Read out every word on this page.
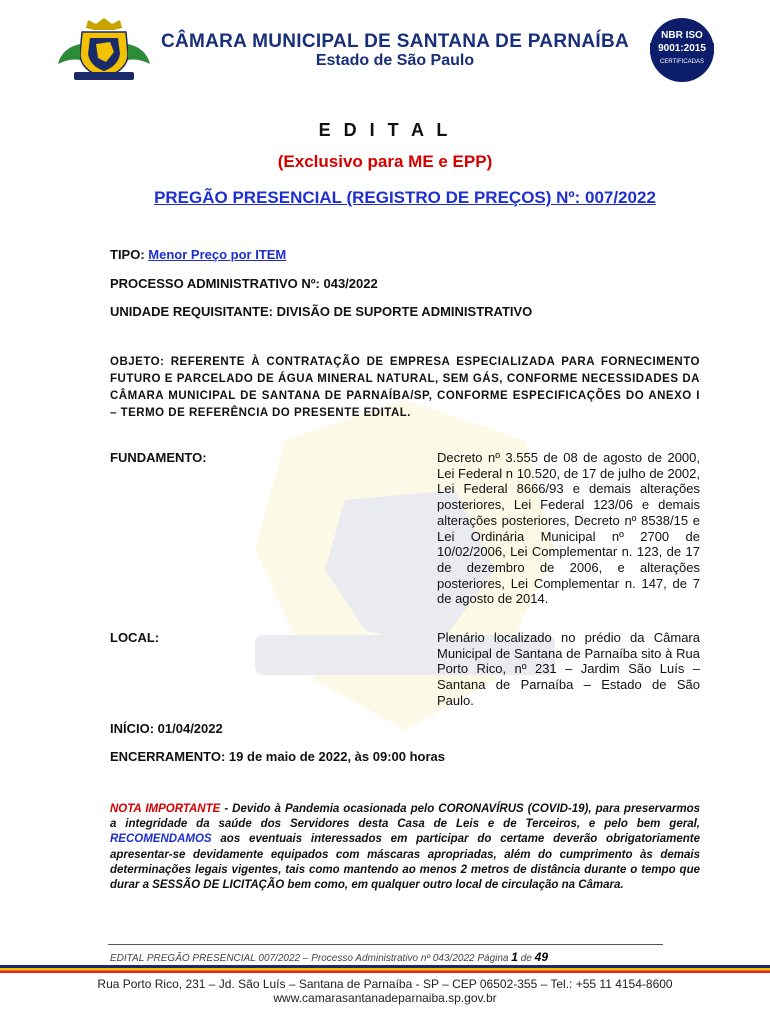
CÂMARA MUNICIPAL DE SANTANA DE PARNAÍBA
Estado de São Paulo
NBR ISO
9001:2015
CERTIFICADAS
E D I T A L
(Exclusivo para ME e EPP)
PREGÃO PRESENCIAL (REGISTRO DE PREÇOS) Nº: 007/2022
TIPO: Menor Preço por ITEM
PROCESSO ADMINISTRATIVO Nº: 043/2022
UNIDADE REQUISITANTE: DIVISÃO DE SUPORTE ADMINISTRATIVO
OBJETO: REFERENTE À CONTRATAÇÃO DE EMPRESA ESPECIALIZADA PARA FORNECIMENTO FUTURO E PARCELADO DE ÁGUA MINERAL NATURAL, SEM GÁS, CONFORME NECESSIDADES DA CÂMARA MUNICIPAL DE SANTANA DE PARNAÍBA/SP, CONFORME ESPECIFICAÇÕES DO ANEXO I – TERMO DE REFERÊNCIA DO PRESENTE EDITAL.
FUNDAMENTO:	Decreto nº 3.555 de 08 de agosto de 2000, Lei Federal n 10.520, de 17 de julho de 2002, Lei Federal 8666/93 e demais alterações posteriores, Lei Federal 123/06 e demais alterações posteriores, Decreto nº 8538/15 e Lei Ordinária Municipal nº 2700 de 10/02/2006, Lei Complementar n. 123, de 17 de dezembro de 2006, e alterações posteriores, Lei Complementar n. 147, de 7 de agosto de 2014.
LOCAL:	Plenário localizado no prédio da Câmara Municipal de Santana de Parnaíba sito à Rua Porto Rico, nº 231 – Jardim São Luís – Santana de Parnaíba – Estado de São Paulo.
INÍCIO: 01/04/2022
ENCERRAMENTO: 19 de maio de 2022, às 09:00 horas
NOTA IMPORTANTE - Devido à Pandemia ocasionada pelo CORONAVÍRUS (COVID-19), para preservarmos a integridade da saúde dos Servidores desta Casa de Leis e de Terceiros, e pelo bem geral, RECOMENDAMOS aos eventuais interessados em participar do certame deverão obrigatoriamente apresentar-se devidamente equipados com máscaras apropriadas, além do cumprimento às demais determinações legais vigentes, tais como mantendo ao menos 2 metros de distância durante o tempo que durar a SESSÃO DE LICITAÇÃO bem como, em qualquer outro local de circulação na Câmara.
EDITAL PREGÃO PRESENCIAL 007/2022 – Processo Administrativo nº 043/2022 Página 1 de 49
Rua Porto Rico, 231 – Jd. São Luís – Santana de Parnaíba - SP – CEP 06502-355 – Tel.: +55 11 4154-8600
www.camarasantanadeparnaiba.sp.gov.br
